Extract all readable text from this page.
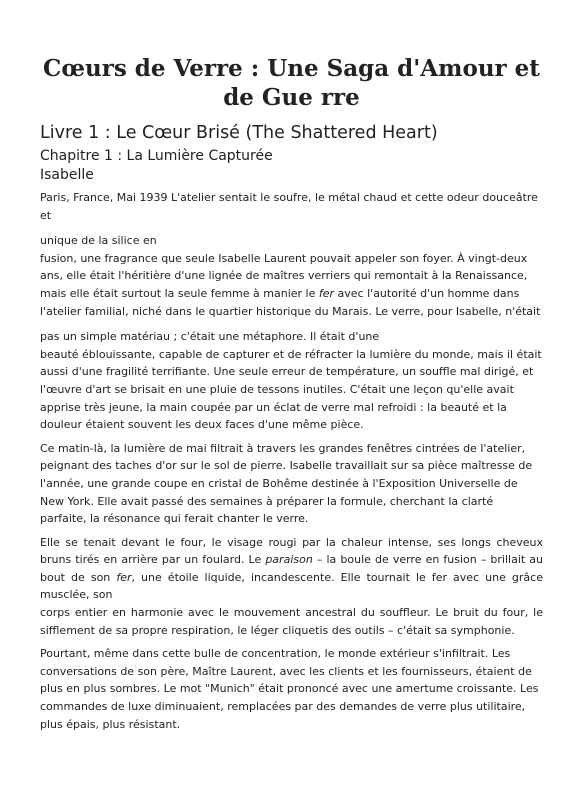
Cœurs de Verre : Une Saga d'Amour et de Gue rre
Livre 1 : Le Cœur Brisé (The Shattered Heart)
Chapitre 1 : La Lumière Capturée
Isabelle
Paris, France, Mai 1939 L'atelier sentait le soufre, le métal chaud et cette odeur douceâtre et
unique de la silice en
fusion, une fragrance que seule Isabelle Laurent pouvait appeler son foyer. À vingt-deux ans, elle était l'héritière d'une lignée de maîtres verriers qui remontait à la Renaissance, mais elle était surtout la seule femme à manier le fer avec l'autorité d'un homme dans l'atelier familial, niché dans le quartier historique du Marais. Le verre, pour Isabelle, n'était
pas un simple matériau ; c'était une métaphore. Il était d'une
beauté éblouissante, capable de capturer et de réfracter la lumière du monde, mais il était aussi d'une fragilité terrifiante. Une seule erreur de température, un souffle mal dirigé, et l'œuvre d'art se brisait en une pluie de tessons inutiles. C'était une leçon qu'elle avait apprise très jeune, la main coupée par un éclat de verre mal refroidi : la beauté et la douleur étaient souvent les deux faces d'une même pièce.
Ce matin-là, la lumière de mai filtrait à travers les grandes fenêtres cintrées de l'atelier, peignant des taches d'or sur le sol de pierre. Isabelle travaillait sur sa pièce maîtresse de l'année, une grande coupe en cristal de Bohême destinée à l'Exposition Universelle de New York. Elle avait passé des semaines à préparer la formule, cherchant la clarté parfaite, la résonance qui ferait chanter le verre.
Elle se tenait devant le four, le visage rougi par la chaleur intense, ses longs cheveux bruns tirés en arrière par un foulard. Le paraison – la boule de verre en fusion – brillait au bout de son fer, une étoile liquide, incandescente. Elle tournait le fer avec une grâce musclée, son
corps entier en harmonie avec le mouvement ancestral du souffleur. Le bruit du four, le sifflement de sa propre respiration, le léger cliquetis des outils – c'était sa symphonie.
Pourtant, même dans cette bulle de concentration, le monde extérieur s'infiltrait. Les conversations de son père, Maître Laurent, avec les clients et les fournisseurs, étaient de plus en plus sombres. Le mot "Munich" était prononcé avec une amertume croissante. Les commandes de luxe diminuaient, remplacées par des demandes de verre plus utilitaire, plus épais, plus résistant.
